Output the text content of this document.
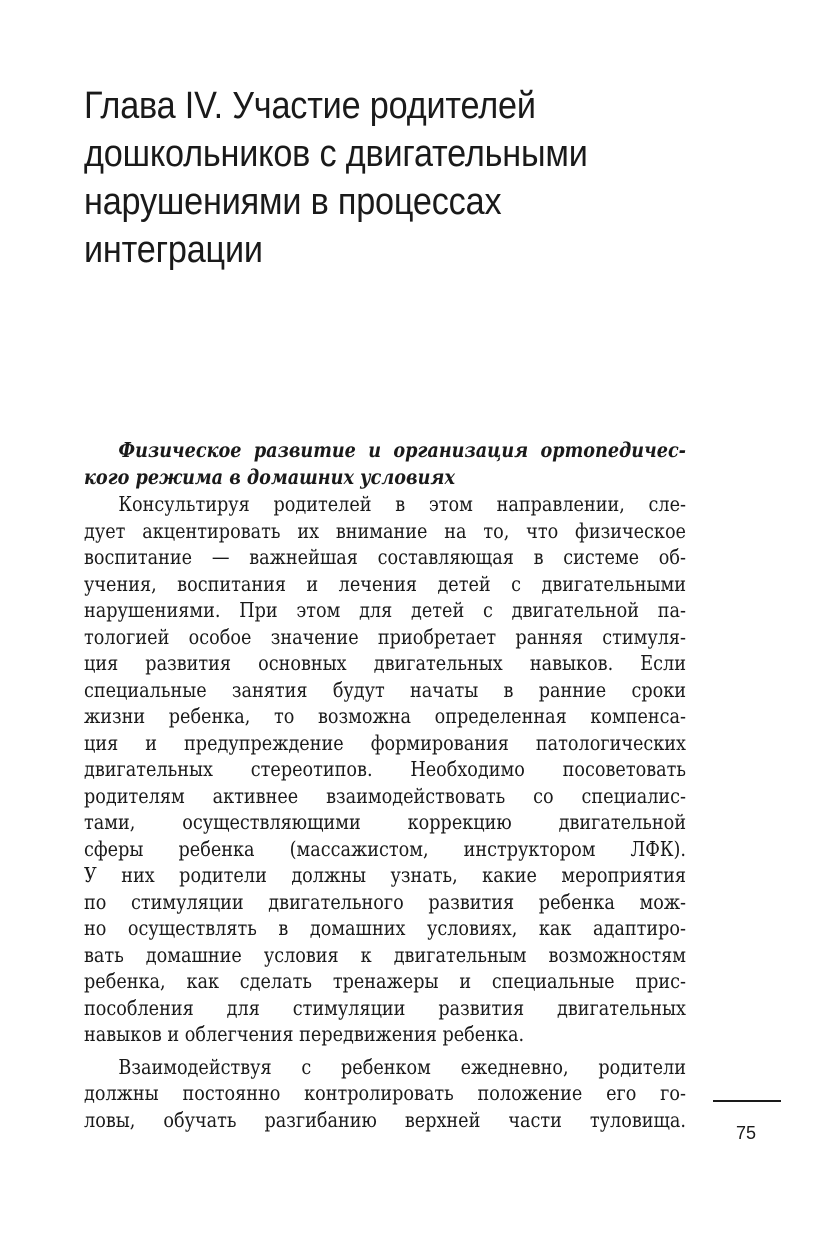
Глава IV. Участие родителей
дошкольников с двигательными
нарушениями в процессах
интеграции
Физическое развитие и организация ортопедичес-
кого режима в домашних условиях
Консультируя родителей в этом направлении, сле-
дует акцентировать их внимание на то, что физическое
воспитание — важнейшая составляющая в системе об-
учения, воспитания и лечения детей с двигательными
нарушениями. При этом для детей с двигательной па-
тологией особое значение приобретает ранняя стимуля-
ция развития основных двигательных навыков. Если
специальные занятия будут начаты в ранние сроки
жизни ребенка, то возможна определенная компенса-
ция и предупреждение формирования патологических
двигательных стереотипов. Необходимо посоветовать
родителям активнее взаимодействовать со специалис-
тами, осуществляющими коррекцию двигательной
сферы ребенка (массажистом, инструктором ЛФК).
У них родители должны узнать, какие мероприятия
по стимуляции двигательного развития ребенка мож-
но осуществлять в домашних условиях, как адаптиро-
вать домашние условия к двигательным возможностям
ребенка, как сделать тренажеры и специальные прис-
пособления для стимуляции развития двигательных
навыков и облегчения передвижения ребенка.
Взаимодействуя с ребенком ежедневно, родители
должны постоянно контролировать положение его го-
ловы, обучать разгибанию верхней части туловища.
75
